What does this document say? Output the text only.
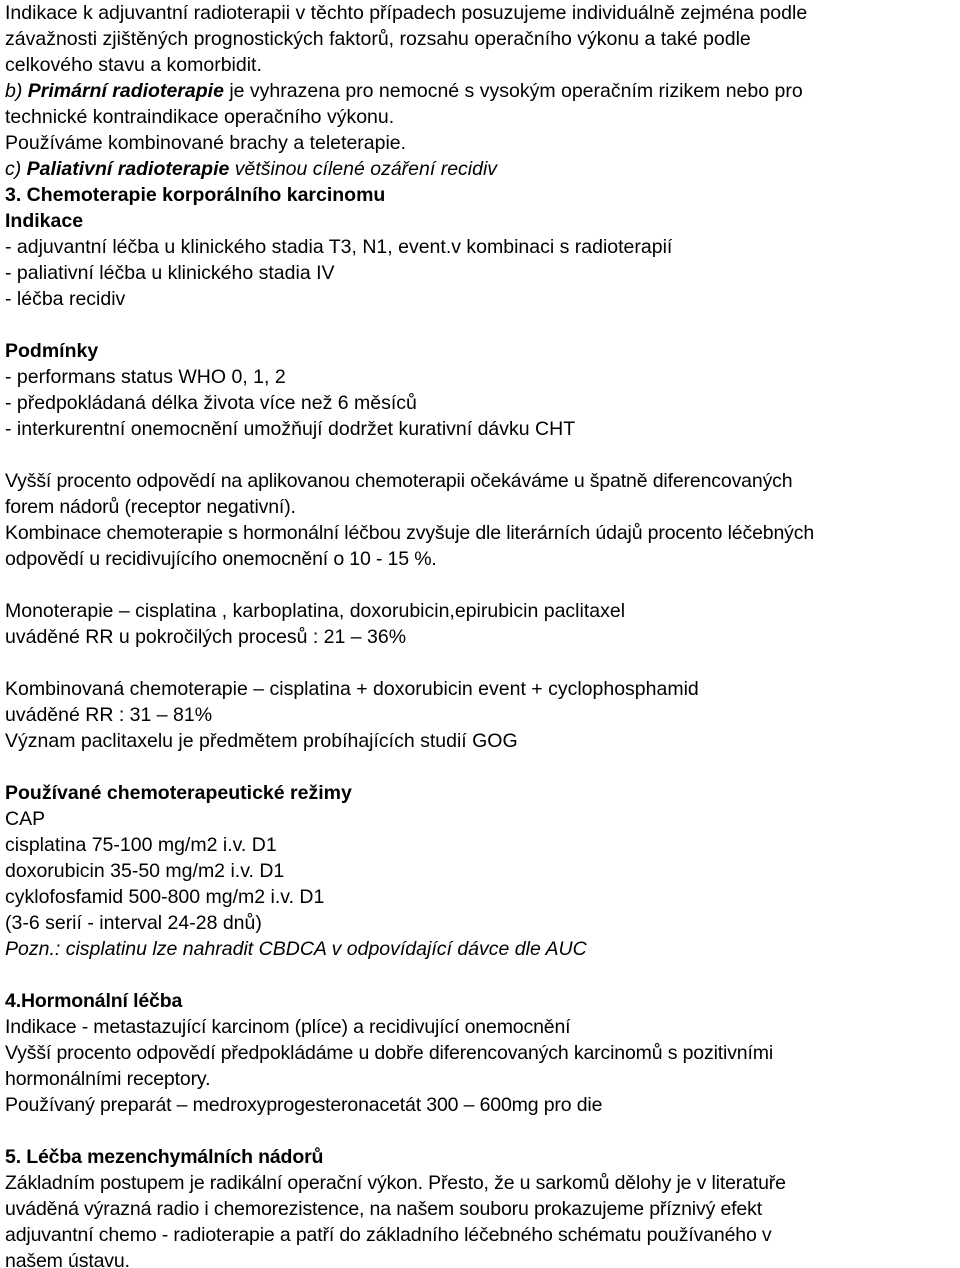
Indikace k adjuvantní radioterapii v těchto případech posuzujeme individuálně zejména podle
závažnosti zjištěných prognostických faktorů, rozsahu operačního výkonu a také podle
celkového stavu a komorbidit.

b) Primární radioterapie je vyhrazena pro nemocné s vysokým operačním rizikem nebo pro
technické kontraindikace operačního výkonu.
Používáme kombinované brachy a teleterapie.

c) Paliativní radioterapie většinou cílené ozáření recidiv

3. Chemoterapie korporálního karcinomu
Indikace
- adjuvantní léčba u klinického stadia T3, N1, event.v kombinaci s radioterapií
- paliativní léčba u klinického stadia IV
- léčba recidiv

Podmínky
- performans status WHO 0, 1, 2
- předpokládaná délka života více než 6 měsíců
- interkurentní onemocnění umožňují dodržet kurativní dávku CHT

Vyšší procento odpovědí na aplikovanou chemoterapii očekáváme u špatně diferencovaných
forem nádorů (receptor negativní).
Kombinace chemoterapie s hormonální léčbou zvyšuje dle literárních údajů procento léčebných
odpovědí u recidivujícího onemocnění o 10 - 15 %.

Monoterapie – cisplatina , karboplatina, doxorubicin,epirubicin paclitaxel
uváděné RR u pokročilých procesů : 21 – 36%

Kombinovaná chemoterapie – cisplatina + doxorubicin event + cyclophosphamid
uváděné RR : 31 – 81%
Význam paclitaxelu je předmětem probíhajících studií GOG

Používané chemoterapeutické režimy
CAP
cisplatina 75-100 mg/m2 i.v. D1
doxorubicin 35-50 mg/m2 i.v. D1
cyklofosfamid 500-800 mg/m2 i.v. D1
(3-6 serií - interval 24-28 dnů)
Pozn.: cisplatinu lze nahradit CBDCA v odpovídající dávce dle AUC

4.Hormonální léčba
Indikace - metastazující karcinom (plíce) a recidivující onemocnění
Vyšší procento odpovědí předpokládáme u dobře diferencovaných karcinomů s pozitivními
hormonálními receptory.
Používaný preparát – medroxyprogesteronacetát 300 – 600mg pro die

5. Léčba mezenchymálních nádorů
Základním postupem je radikální operační výkon. Přesto, že u sarkomů dělohy je v literatuře
uváděná výrazná radio i chemorezistence, na našem souboru prokazujeme příznivý efekt
adjuvantní chemo - radioterapie a patří do základního léčebného schématu používaného v
našem ústavu.
